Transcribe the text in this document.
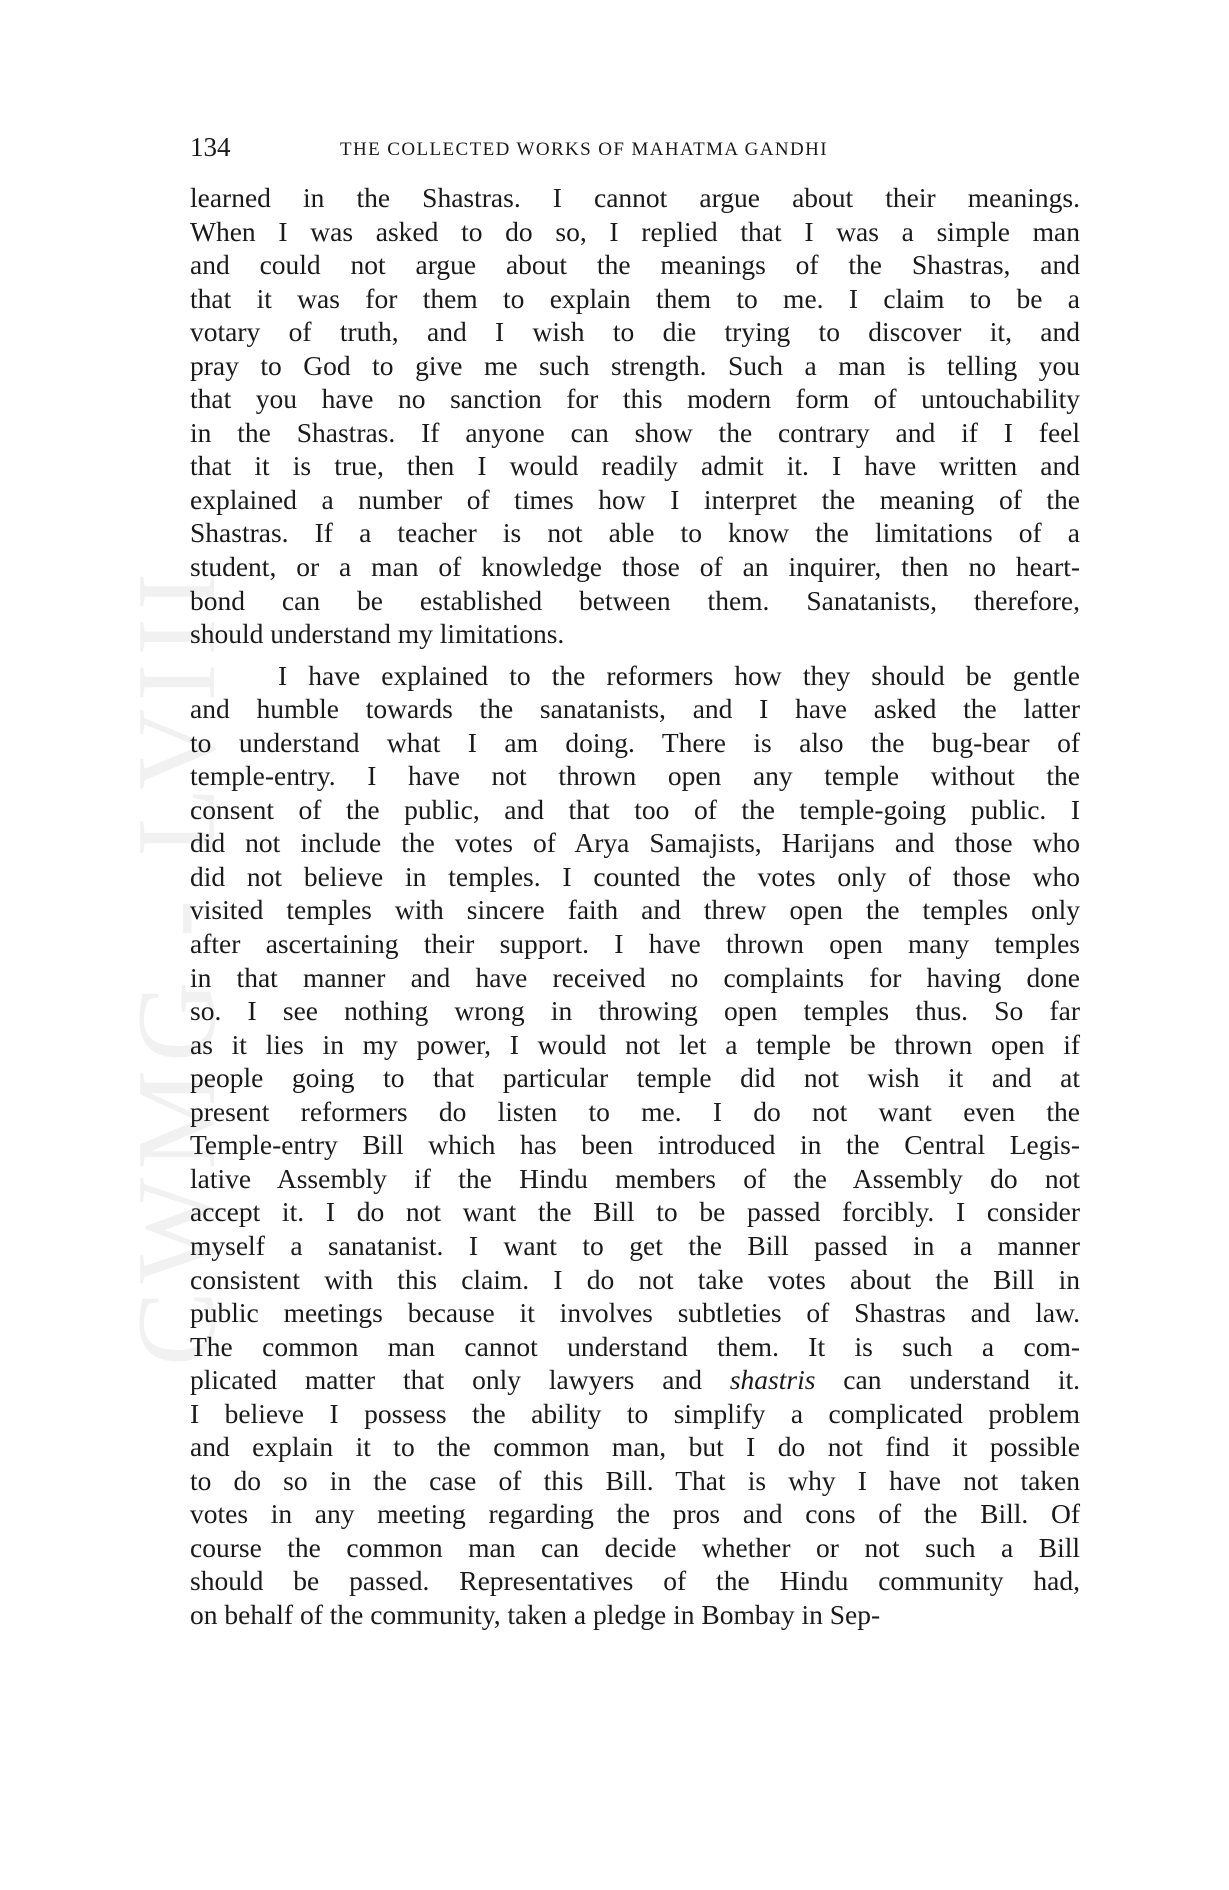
CWMG - LVIII
134	THE COLLECTED WORKS OF MAHATMA GANDHI
learned in the Shastras. I cannot argue about their meanings.
When I was asked to do so, I replied that I was a simple man
and could not argue about the meanings of the Shastras, and
that it was for them to explain them to me. I claim to be a
votary of truth, and I wish to die trying to discover it, and
pray to God to give me such strength. Such a man is telling you
that you have no sanction for this modern form of untouchability
in the Shastras. If anyone can show the contrary and if I feel
that it is true, then I would readily admit it. I have written and
explained a number of times how I interpret the meaning of the
Shastras. If a teacher is not able to know the limitations of a
student, or a man of knowledge those of an inquirer, then no heart-
bond can be established between them. Sanatanists, therefore,
should understand my limitations.
I have explained to the reformers how they should be gentle
and humble towards the sanatanists, and I have asked the latter
to understand what I am doing. There is also the bug-bear of
temple-entry. I have not thrown open any temple without the
consent of the public, and that too of the temple-going public. I
did not include the votes of Arya Samajists, Harijans and those who
did not believe in temples. I counted the votes only of those who
visited temples with sincere faith and threw open the temples only
after ascertaining their support. I have thrown open many temples
in that manner and have received no complaints for having done
so. I see nothing wrong in throwing open temples thus. So far
as it lies in my power, I would not let a temple be thrown open if
people going to that particular temple did not wish it and at
present reformers do listen to me. I do not want even the
Temple-entry Bill which has been introduced in the Central Legis-
lative Assembly if the Hindu members of the Assembly do not
accept it. I do not want the Bill to be passed forcibly. I consider
myself a sanatanist. I want to get the Bill passed in a manner
consistent with this claim. I do not take votes about the Bill in
public meetings because it involves subtleties of Shastras and law.
The common man cannot understand them. It is such a com-
plicated matter that only lawyers and shastris can understand it.
I believe I possess the ability to simplify a complicated problem
and explain it to the common man, but I do not find it possible
to do so in the case of this Bill. That is why I have not taken
votes in any meeting regarding the pros and cons of the Bill. Of
course the common man can decide whether or not such a Bill
should be passed. Representatives of the Hindu community had,
on behalf of the community, taken a pledge in Bombay in Sep-
